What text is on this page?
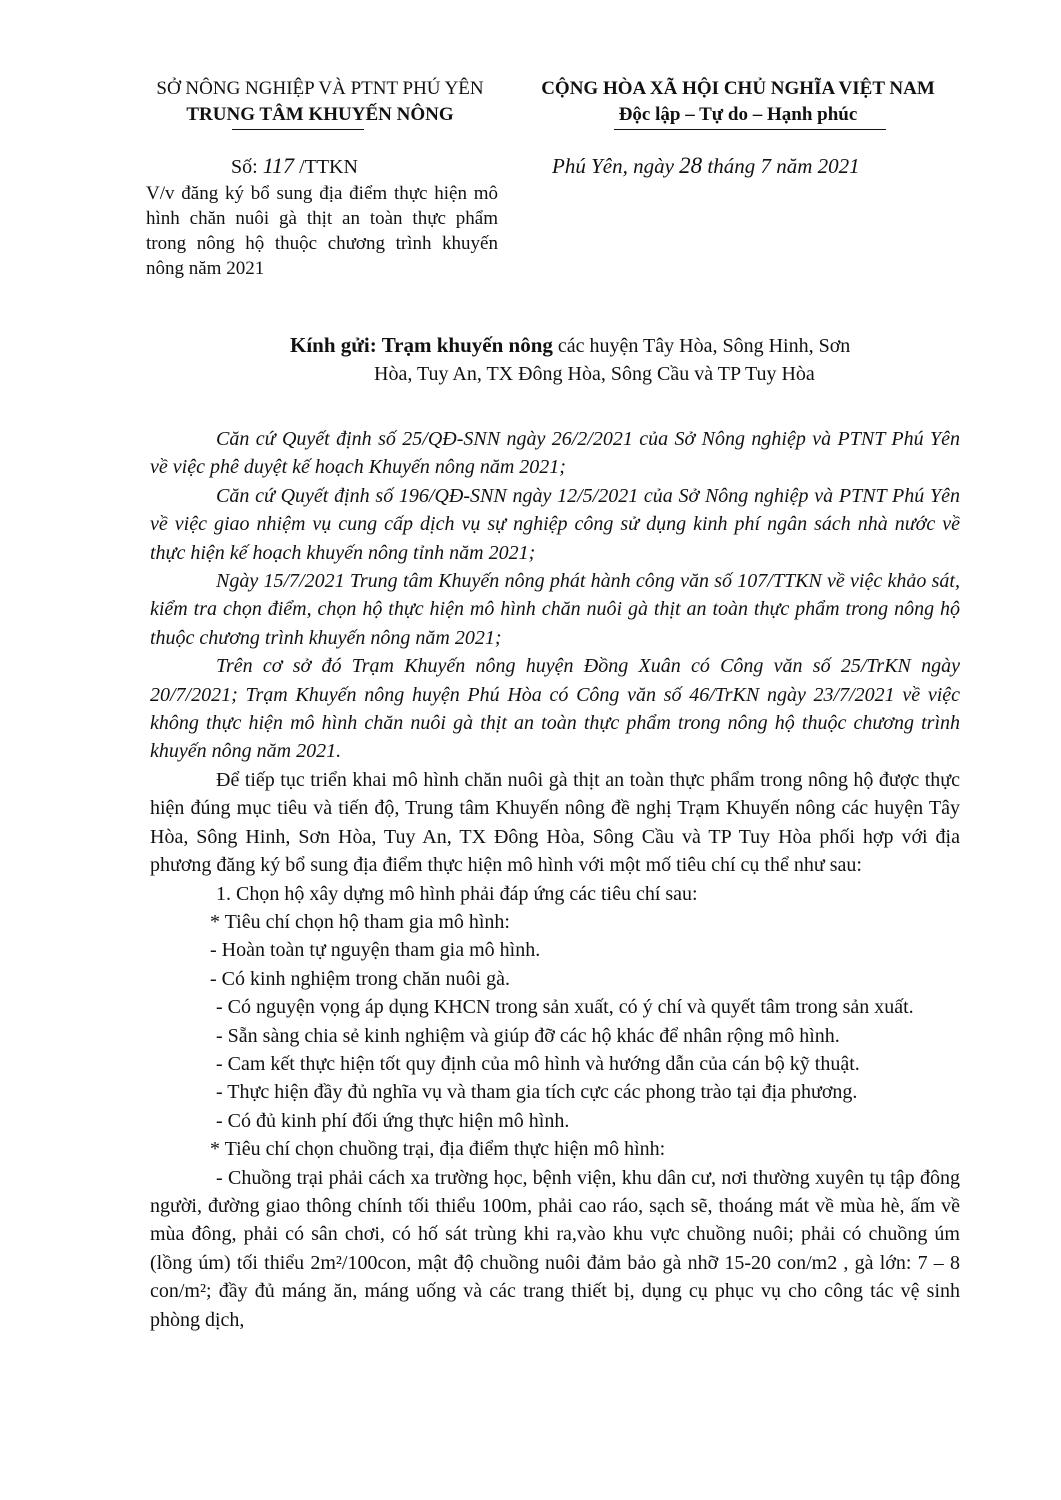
SỞ NÔNG NGHIỆP VÀ PTNT PHÚ YÊN
TRUNG TÂM KHUYẾN NÔNG
CỘNG HÒA XÃ HỘI CHỦ NGHĨA VIỆT NAM
Độc lập – Tự do – Hạnh phúc
Số: 117 /TTKN	Phú Yên, ngày 28 tháng 7 năm 2021
V/v đăng ký bổ sung địa điểm thực hiện mô hình chăn nuôi gà thịt an toàn thực phẩm trong nông hộ thuộc chương trình khuyến nông năm 2021
Kính gửi: Trạm khuyến nông các huyện Tây Hòa, Sông Hinh, Sơn
Hòa, Tuy An, TX Đông Hòa, Sông Cầu và TP Tuy Hòa

Căn cứ Quyết định số 25/QĐ-SNN ngày 26/2/2021 của Sở Nông nghiệp và PTNT Phú Yên về việc phê duyệt kế hoạch Khuyến nông năm 2021;

Căn cứ Quyết định số 196/QĐ-SNN ngày 12/5/2021 của Sở Nông nghiệp và PTNT Phú Yên về việc giao nhiệm vụ cung cấp dịch vụ sự nghiệp công sử dụng kinh phí ngân sách nhà nước về thực hiện kế hoạch khuyến nông tỉnh năm 2021;

Ngày 15/7/2021 Trung tâm Khuyến nông phát hành công văn số 107/TTKN về việc khảo sát, kiểm tra chọn điểm, chọn hộ thực hiện mô hình chăn nuôi gà thịt an toàn thực phẩm trong nông hộ thuộc chương trình khuyến nông năm 2021;

Trên cơ sở đó Trạm Khuyến nông huyện Đồng Xuân có Công văn số 25/TrKN ngày 20/7/2021; Trạm Khuyến nông huyện Phú Hòa có Công văn số 46/TrKN ngày 23/7/2021 về việc không thực hiện mô hình chăn nuôi gà thịt an toàn thực phẩm trong nông hộ thuộc chương trình khuyến nông năm 2021.

Để tiếp tục triển khai mô hình chăn nuôi gà thịt an toàn thực phẩm trong nông hộ được thực hiện đúng mục tiêu và tiến độ, Trung tâm Khuyến nông đề nghị Trạm Khuyến nông các huyện Tây Hòa, Sông Hinh, Sơn Hòa, Tuy An, TX Đông Hòa, Sông Cầu và TP Tuy Hòa phối hợp với địa phương đăng ký bổ sung địa điểm thực hiện mô hình với một mố tiêu chí cụ thể như sau:

1. Chọn hộ xây dựng mô hình phải đáp ứng các tiêu chí sau:

* Tiêu chí chọn hộ tham gia mô hình:

- Hoàn toàn tự nguyện tham gia mô hình.

- Có kinh nghiệm trong chăn nuôi gà.

- Có nguyện vọng áp dụng KHCN trong sản xuất, có ý chí và quyết tâm trong sản xuất.

- Sẵn sàng chia sẻ kinh nghiệm và giúp đỡ các hộ khác để nhân rộng mô hình.

- Cam kết thực hiện tốt quy định của mô hình và hướng dẫn của cán bộ kỹ thuật.

- Thực hiện đầy đủ nghĩa vụ và tham gia tích cực các phong trào tại địa phương.

- Có đủ kinh phí đối ứng thực hiện mô hình.

* Tiêu chí chọn chuồng trại, địa điểm thực hiện mô hình:

- Chuồng trại phải cách xa trường học, bệnh viện, khu dân cư, nơi thường xuyên tụ tập đông người, đường giao thông chính tối thiểu 100m, phải cao ráo, sạch sẽ, thoáng mát về mùa hè, ấm về mùa đông, phải có sân chơi, có hố sát trùng khi ra,vào khu vực chuồng nuôi; phải có chuồng úm (lồng úm) tối thiểu 2m²/100con, mật độ chuồng nuôi đảm bảo gà nhỡ 15-20 con/m2 , gà lớn: 7 – 8 con/m²; đầy đủ máng ăn, máng uống và các trang thiết bị, dụng cụ phục vụ cho công tác vệ sinh phòng dịch,
